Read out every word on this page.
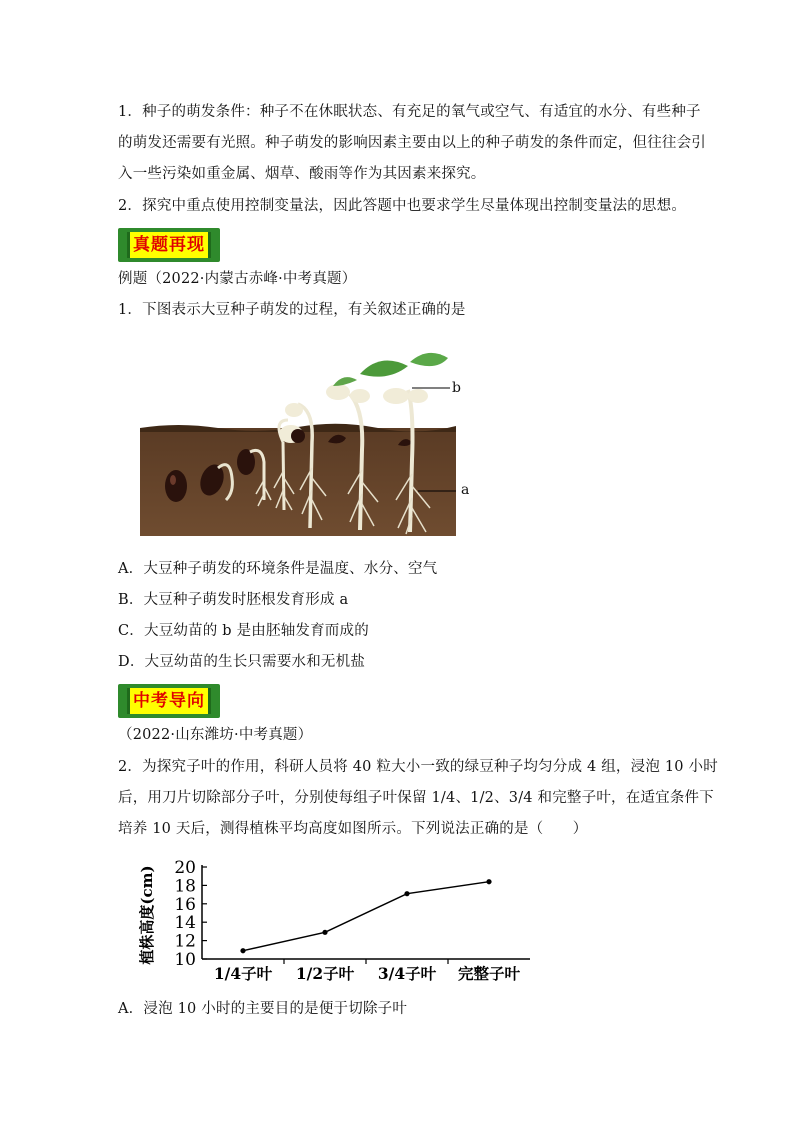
1．种子的萌发条件：种子不在休眠状态、有充足的氧气或空气、有适宜的水分、有些种子
的萌发还需要有光照。种子萌发的影响因素主要由以上的种子萌发的条件而定，但往往会引
入一些污染如重金属、烟草、酸雨等作为其因素来探究。
2．探究中重点使用控制变量法，因此答题中也要求学生尽量体现出控制变量法的思想。
真题再现
例题（2022·内蒙古赤峰·中考真题）
1．下图表示大豆种子萌发的过程，有关叙述正确的是
b
a
A．大豆种子萌发的环境条件是温度、水分、空气
B．大豆种子萌发时胚根发育形成 a
C．大豆幼苗的 b 是由胚轴发育而成的
D．大豆幼苗的生长只需要水和无机盐
中考导向
（2022·山东潍坊·中考真题）
2．为探究子叶的作用，科研人员将 40 粒大小一致的绿豆种子均匀分成 4 组，浸泡 10 小时
后，用刀片切除部分子叶，分别使每组子叶保留 1/4、1/2、3/4 和完整子叶，在适宜条件下
培养 10 天后，测得植株平均高度如图所示。下列说法正确的是（　　）
10
12
14
16
18
20
1/4子叶 1/2子叶 3/4子叶 完整子叶
植株高度(cm)
A．浸泡 10 小时的主要目的是便于切除子叶
